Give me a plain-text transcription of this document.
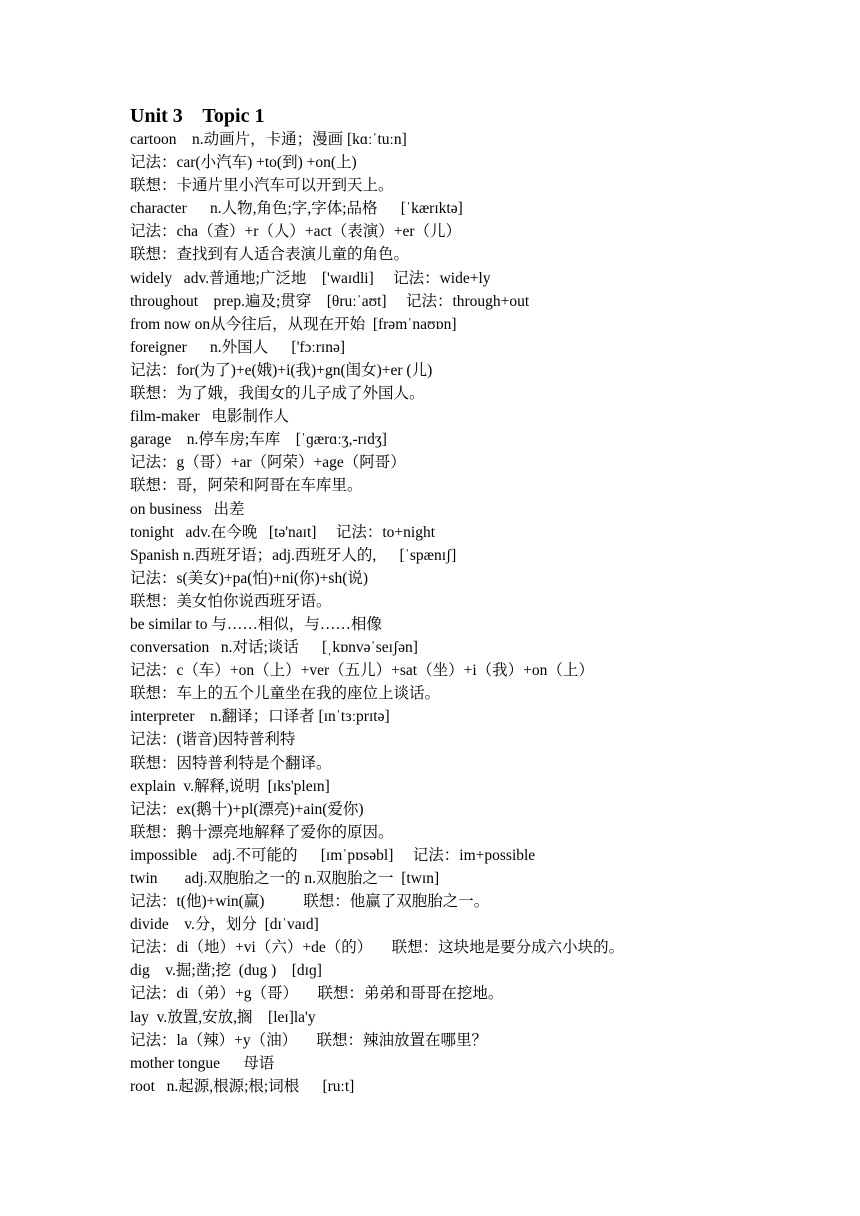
Unit 3    Topic 1
cartoon    n.动画片，卡通；漫画 [kɑːˈtuːn]
记法：car(小汽车) +to(到) +on(上)
联想：卡通片里小汽车可以开到天上。
character      n.人物,角色;字,字体;品格      [ˈkærɪktə]
记法：cha（查）+r（人）+act（表演）+er（儿）
联想：查找到有人适合表演儿童的角色。
widely   adv.普通地;广泛地    ['waɪdli]     记法：wide+ly
throughout    prep.遍及;贯穿    [θruːˈaʊt]     记法：through+out
from now on从今往后，从现在开始  [frəmˈnaʊɒn]
foreigner      n.外国人      ['fɔːrɪnə]
记法：for(为了)+e(娥)+i(我)+gn(闺女)+er (儿)
联想：为了娥，我闺女的儿子成了外国人。
film-maker   电影制作人
garage    n.停车房;车库    [ˈɡærɑːʒ,-rɪdʒ]
记法：g（哥）+ar（阿荣）+age（阿哥）
联想：哥，阿荣和阿哥在车库里。
on business   出差
tonight   adv.在今晚   [tə'naɪt]     记法：to+night
Spanish n.西班牙语；adj.西班牙人的,      [ˈspænɪʃ]
记法：s(美女)+pa(怕)+ni(你)+sh(说)
联想：美女怕你说西班牙语。
be similar to 与……相似，与……相像
conversation   n.对话;谈话      [ˌkɒnvəˈseɪʃən]
记法：c（车）+on（上）+ver（五儿）+sat（坐）+i（我）+on（上）
联想：车上的五个儿童坐在我的座位上谈话。
interpreter    n.翻译；口译者 [ɪnˈtɜːprɪtə]
记法：(谐音)因特普利特
联想：因特普利特是个翻译。
explain  v.解释,说明  [ɪks'pleɪn]
记法：ex(鹅十)+pl(漂亮)+ain(爱你)
联想：鹅十漂亮地解释了爱你的原因。
impossible    adj.不可能的      [ɪmˈpɒsəbl]     记法：im+possible
twin       adj.双胞胎之一的 n.双胞胎之一  [twɪn]
记法：t(他)+win(赢)          联想：他赢了双胞胎之一。
divide    v.分，划分  [dɪˈvaɪd]
记法：di（地）+vi（六）+de（的）     联想：这块地是要分成六小块的。
dig    v.掘;凿;挖  (dug )    [dɪɡ]
记法：di（弟）+g（哥）     联想：弟弟和哥哥在挖地。
lay  v.放置,安放,搁    [leɪ]la'y
记法：la（辣）+y（油）     联想：辣油放置在哪里？
mother tongue      母语
root   n.起源,根源;根;词根      [ruːt]
